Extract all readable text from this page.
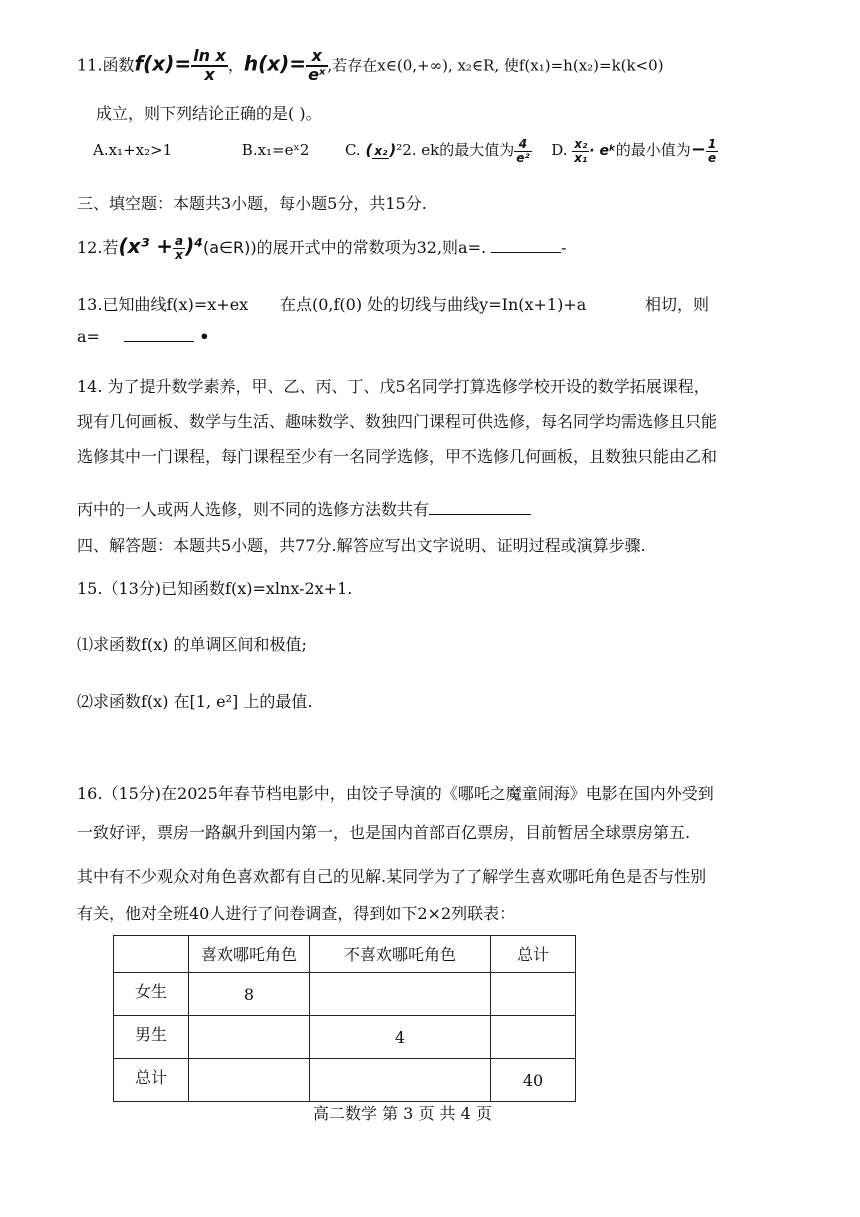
11.函数$f(x)= \frac{\text{ln x}}{x}$ ，$h(x)= \frac{x}{\text{eˣ}}$ ,若存在x∈(0,+∞), x₂∈R, 使f(x₁)=h(x₂)=k(k<0)
成立，则下列结论正确的是( )。
A.x₁+x₂>1	B.x₁=eˣ2 C. ( x₂ )²2. ek的最大值为 $\frac{4}{\text{e²}} D$. $\frac{\text{x₂}}{\text{x₁}}$ · eᵏ的最小值为− $\frac{1}{e}$
三、填空题：本题共3小题，每小题5分，共15分.
12.若($x^3 + \frac{a}{x}$ )⁴(a∈R))的展开式中的常数项为32,则a=.	-
13.已知曲线f(x)=x+ex 在点(0,f(0) 处的切线与曲线y=In(x+1)+a	相切，则
a=	•
14. 为了提升数学素养，甲、乙、丙、丁、戊5名同学打算选修学校开设的数学拓展课程，
现有几何画板、数学与生活、趣味数学、数独四门课程可供选修，每名同学均需选修且只能
选修其中一门课程，每门课程至少有一名同学选修，甲不选修几何画板，且数独只能由乙和
丙中的一人或两人选修，则不同的选修方法数共有
四、解答题：本题共5小题，共77分.解答应写出文字说明、证明过程或演算步骤.
15.（13分)已知函数f(x)=xlnx-2x+1.
⑴求函数f(x) 的单调区间和极值;
⑵求函数f(x) 在[1, e²] 上的最值.
16.（15分)在2025年春节档电影中，由饺子导演的《哪吒之魔童闹海》电影在国内外受到
一致好评，票房一路飙升到国内第一，也是国内首部百亿票房，目前暂居全球票房第五.
其中有不少观众对角色喜欢都有自己的见解.某同学为了了解学生喜欢哪吒角色是否与性别
有关，他对全班40人进行了问卷调查，得到如下2×2列联表：
	喜欢哪吒角色	不喜欢哪吒角色	总计
女生	8		
男生		4	
总计			40
高二数学 第 3 页 共 4 页
